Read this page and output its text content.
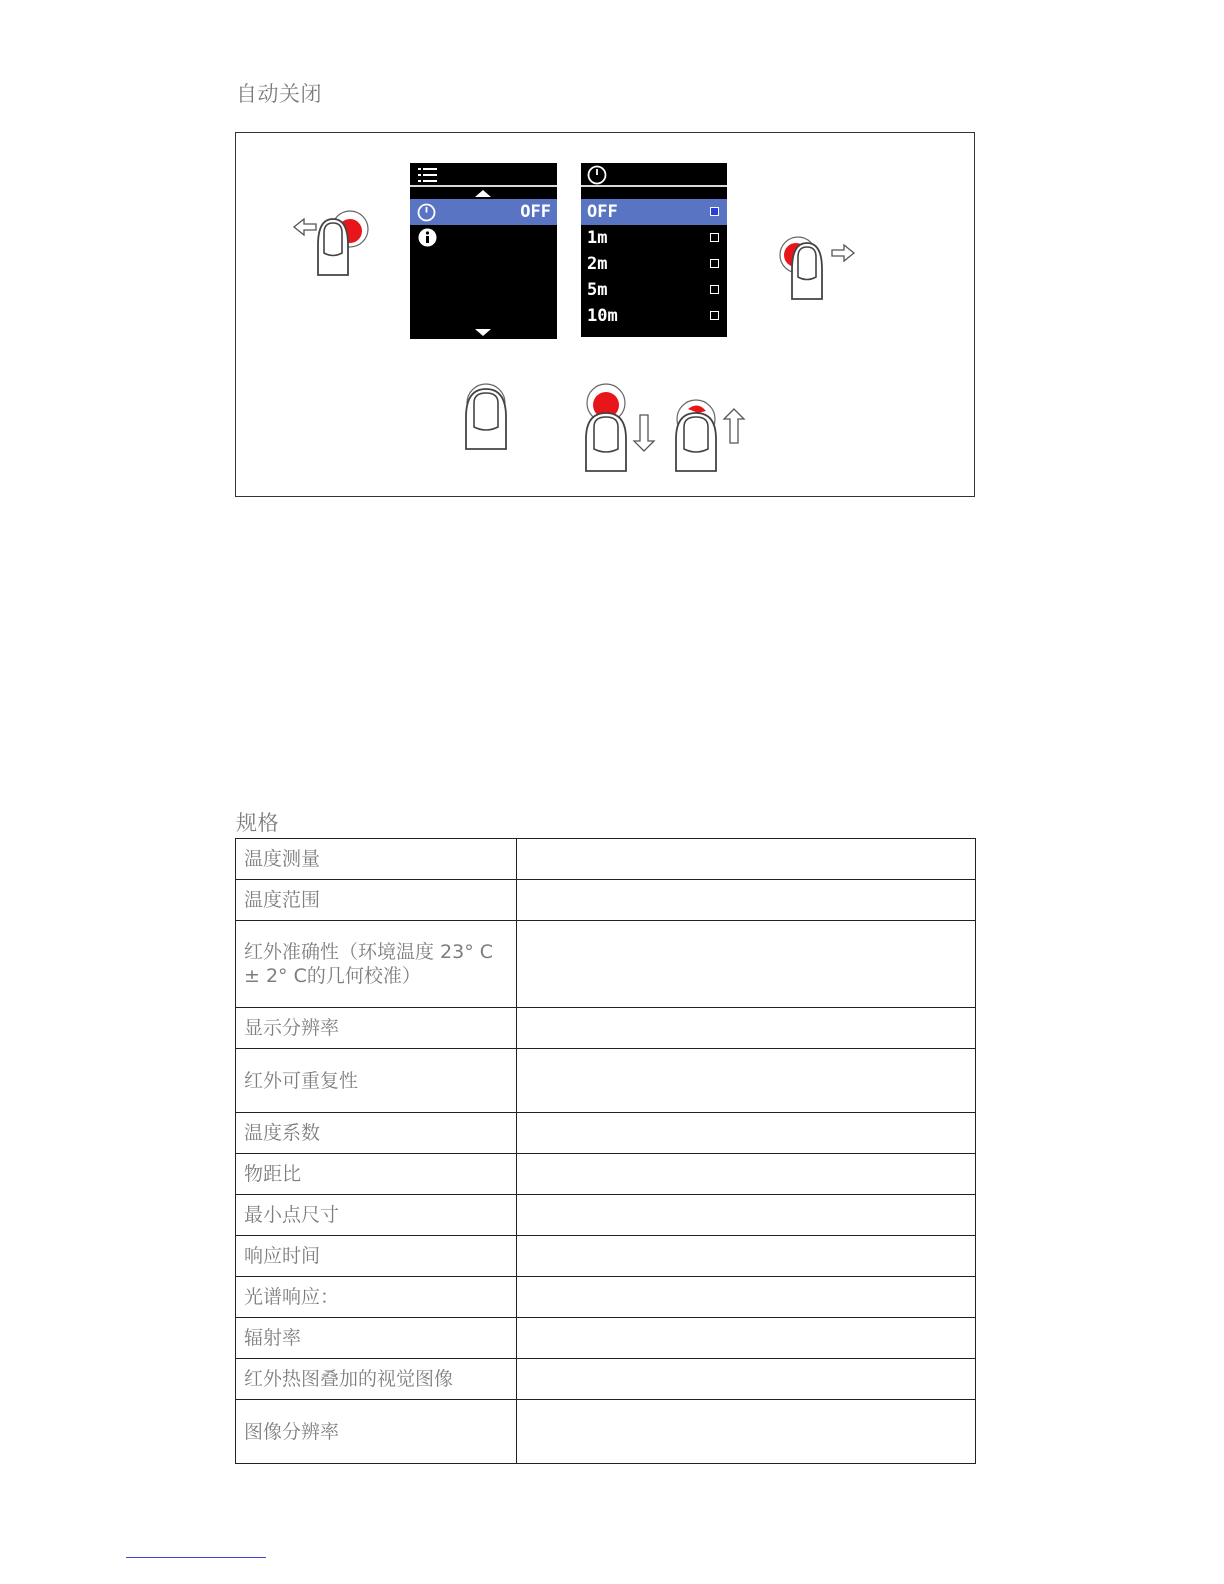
自动关闭
OFF OFF
1m
2m
5m
10m
规格
温度测量	
温度范围	
红外准确性（环境温度 23° C ± 2° C的几何校准）	
显示分辨率	
红外可重复性	
温度系数	
物距比	
最小点尺寸	
响应时间	
光谱响应：	
辐射率	
红外热图叠加的视觉图像	
图像分辨率	
